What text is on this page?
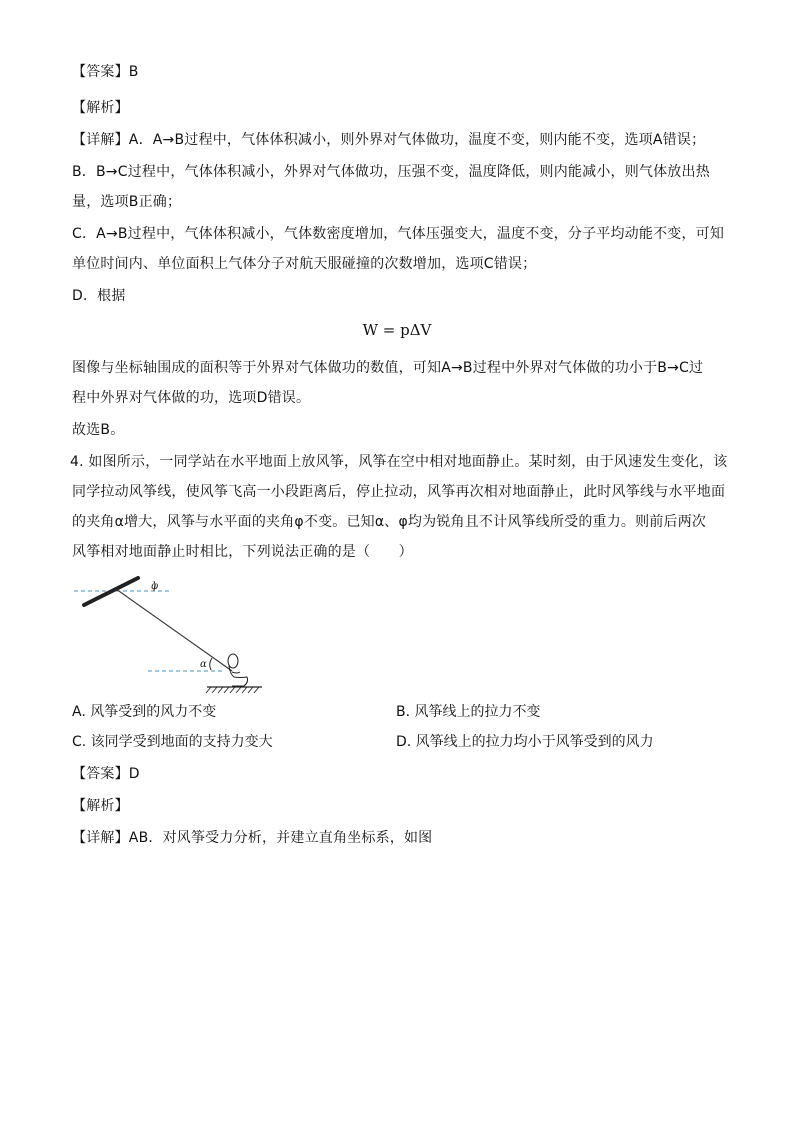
【答案】B
【解析】
【详解】A．A→B过程中，气体体积减小，则外界对气体做功，温度不变，则内能不变，选项A错误；
B．B→C过程中，气体体积减小，外界对气体做功，压强不变，温度降低，则内能减小，则气体放出热
量，选项B正确；
C．A→B过程中，气体体积减小，气体数密度增加，气体压强变大，温度不变，分子平均动能不变，可知
单位时间内、单位面积上气体分子对航天服碰撞的次数增加，选项C错误；
D．根据
W = pΔV
图像与坐标轴围成的面积等于外界对气体做功的数值，可知A→B过程中外界对气体做的功小于B→C过
程中外界对气体做的功，选项D错误。
故选B。
4. 如图所示，一同学站在水平地面上放风筝，风筝在空中相对地面静止。某时刻，由于风速发生变化，该
同学拉动风筝线，使风筝飞高一小段距离后，停止拉动，风筝再次相对地面静止，此时风筝线与水平地面
的夹角α增大，风筝与水平面的夹角φ不变。已知α、φ均为锐角且不计风筝线所受的重力。则前后两次
风筝相对地面静止时相比，下列说法正确的是（　　）
φ
α
A. 风筝受到的风力不变	B. 风筝线上的拉力不变
C. 该同学受到地面的支持力变大	D. 风筝线上的拉力均小于风筝受到的风力
【答案】D
【解析】
【详解】AB．对风筝受力分析，并建立直角坐标系，如图
